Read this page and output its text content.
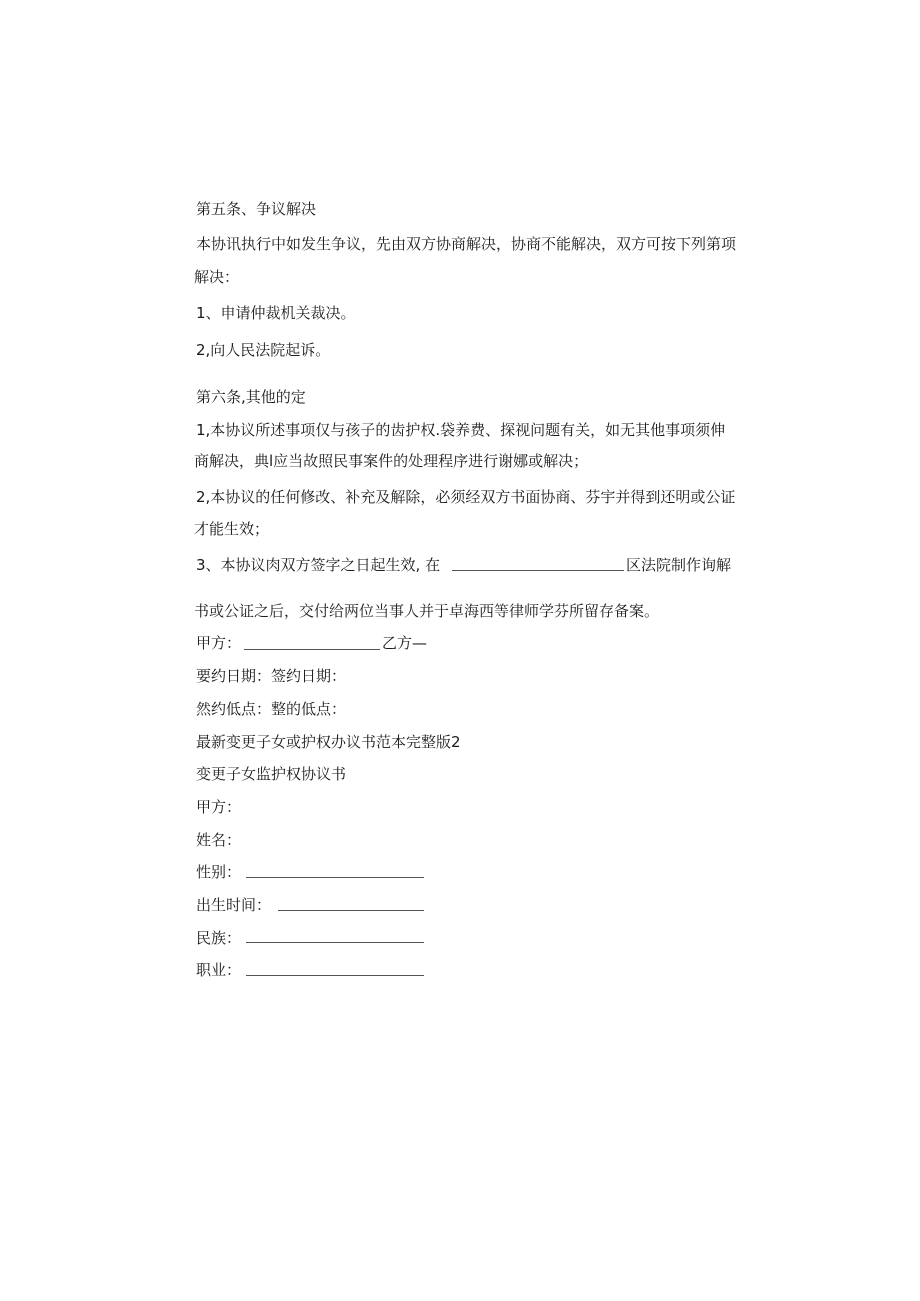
第五条、争议解决
本协讯执行中如发生争议，先由双方协商解决，协商不能解决，双方可按下列第项
解决：
1、申请仲裁机关裁决。
2,向人民法院起诉。
第六条,其他的定
1,本协议所述事项仅与孩子的齿护权.袋养费、探视问题有关，如无其他事项须伸
商解决，典l应当故照民事案件的处理程序进行谢娜或解决；
2,本协议的任何修改、补充及解除，必须经双方书面协商、芬宇并得到还明或公证
才能生效；
3、本协议肉双方签字之日起生效, 在	区法院制作询解
书或公证之后，交付给两位当事人并于卓海西等律师学芬所留存备案。
甲方：	乙方—
要约日期：签约日期：
然约低点：整的低点：
最新变更子女或护权办议书范本完整版2
变更子女监护权协议书
甲方：
姓名：
性别：
出生时间：
民族：
职业：
